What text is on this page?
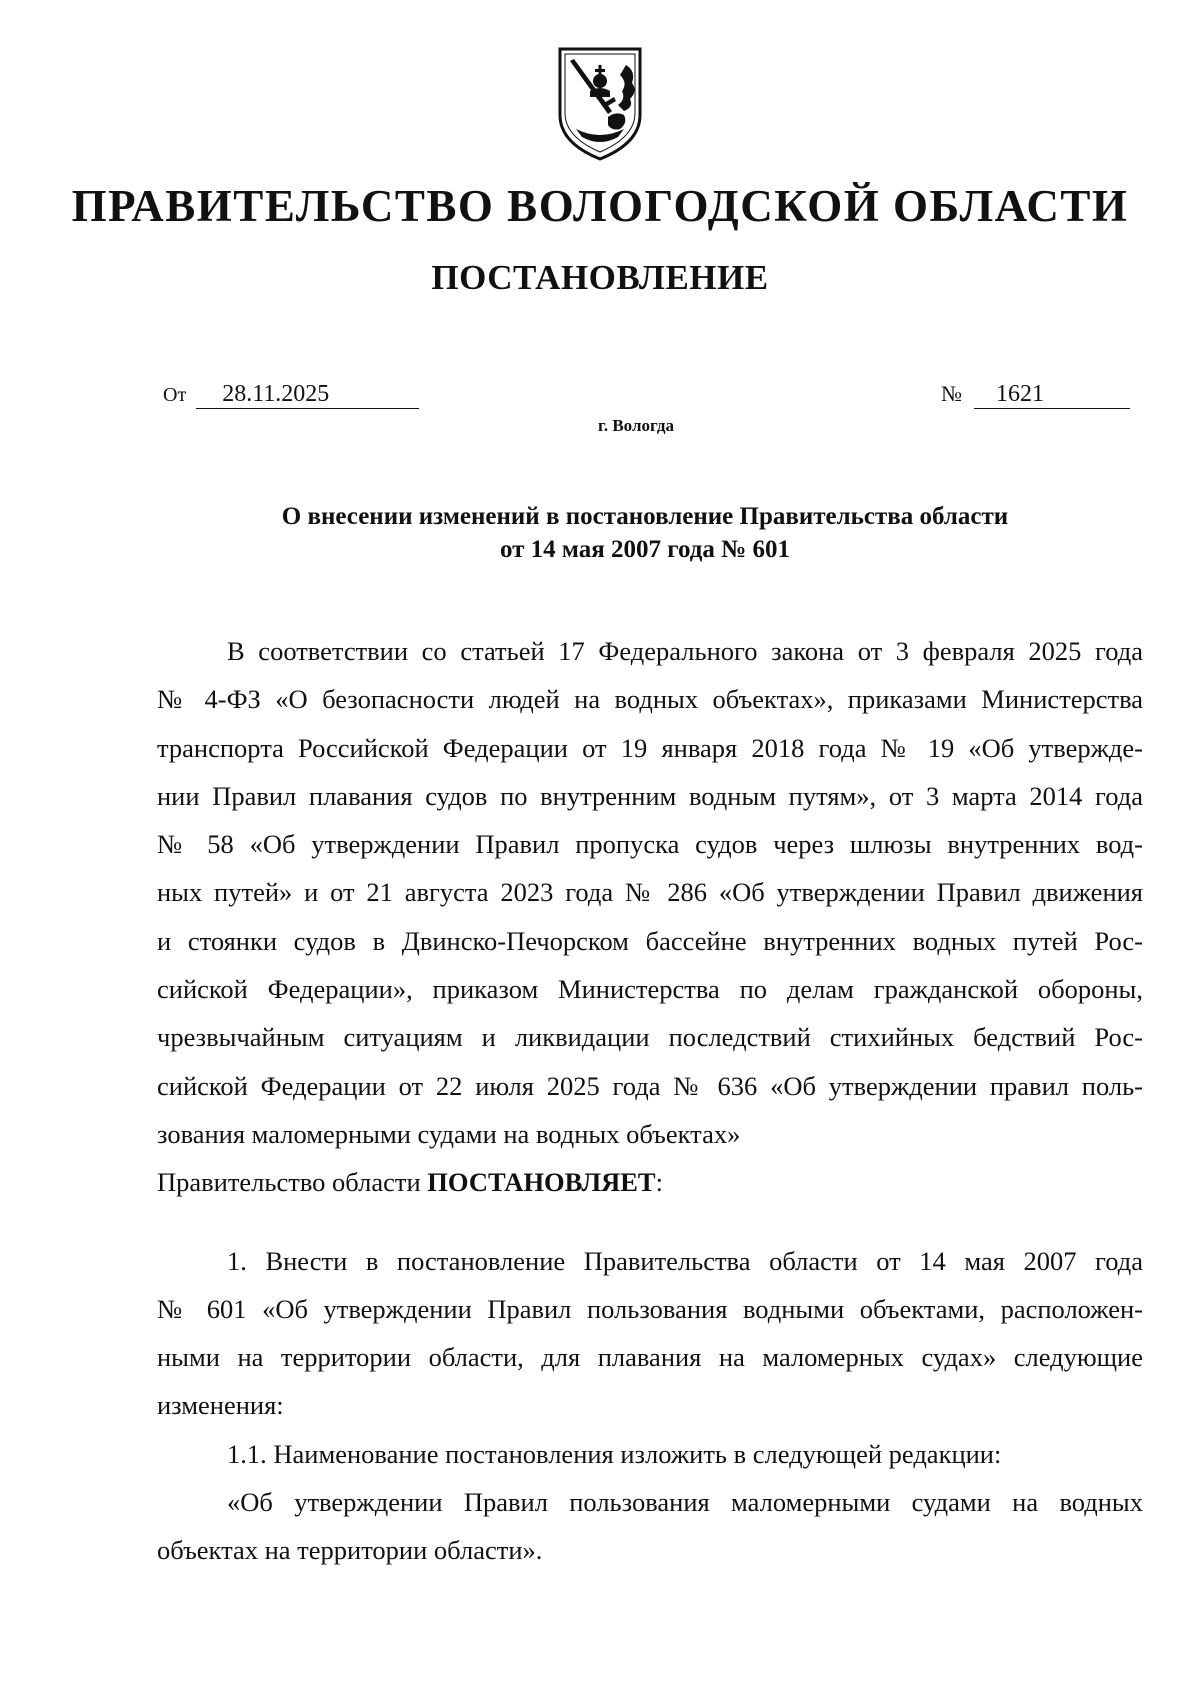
ПРАВИТЕЛЬСТВО ВОЛОГОДСКОЙ ОБЛАСТИ
ПОСТАНОВЛЕНИЕ
От 28.11.2025	№ 1621
г. Вологда
О внесении изменений в постановление Правительства области
от 14 мая 2007 года № 601
В соответствии со статьей 17 Федерального закона от 3 февраля 2025 года
№ 4-ФЗ «О безопасности людей на водных объектах», приказами Министерства
транспорта Российской Федерации от 19 января 2018 года № 19 «Об утвержде-
нии Правил плавания судов по внутренним водным путям», от 3 марта 2014 года
№ 58 «Об утверждении Правил пропуска судов через шлюзы внутренних вод-
ных путей» и от 21 августа 2023 года № 286 «Об утверждении Правил движения
и стоянки судов в Двинско-Печорском бассейне внутренних водных путей Рос-
сийской Федерации», приказом Министерства по делам гражданской обороны,
чрезвычайным ситуациям и ликвидации последствий стихийных бедствий Рос-
сийской Федерации от 22 июля 2025 года № 636 «Об утверждении правил поль-
зования маломерными судами на водных объектах»
Правительство области ПОСТАНОВЛЯЕТ:
1. Внести в постановление Правительства области от 14 мая 2007 года
№ 601 «Об утверждении Правил пользования водными объектами, расположен-
ными на территории области, для плавания на маломерных судах» следующие
изменения:
1.1. Наименование постановления изложить в следующей редакции:
«Об утверждении Правил пользования маломерными судами на водных
объектах на территории области».
